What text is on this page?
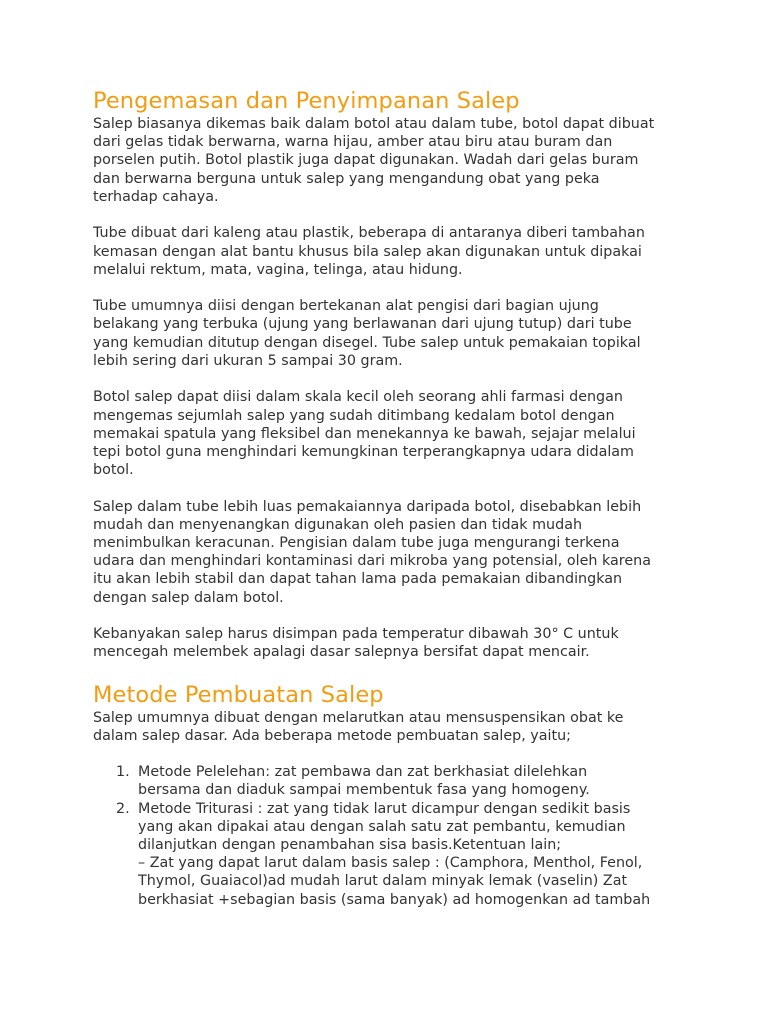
Pengemasan dan Penyimpanan Salep

Salep biasanya dikemas baik dalam botol atau dalam tube, botol dapat dibuat
dari gelas tidak berwarna, warna hijau, amber atau biru atau buram dan
porselen putih. Botol plastik juga dapat digunakan. Wadah dari gelas buram
dan berwarna berguna untuk salep yang mengandung obat yang peka
terhadap cahaya.

Tube dibuat dari kaleng atau plastik, beberapa di antaranya diberi tambahan
kemasan dengan alat bantu khusus bila salep akan digunakan untuk dipakai
melalui rektum, mata, vagina, telinga, atau hidung.

Tube umumnya diisi dengan bertekanan alat pengisi dari bagian ujung
belakang yang terbuka (ujung yang berlawanan dari ujung tutup) dari tube
yang kemudian ditutup dengan disegel. Tube salep untuk pemakaian topikal
lebih sering dari ukuran 5 sampai 30 gram.

Botol salep dapat diisi dalam skala kecil oleh seorang ahli farmasi dengan
mengemas sejumlah salep yang sudah ditimbang kedalam botol dengan
memakai spatula yang fleksibel dan menekannya ke bawah, sejajar melalui
tepi botol guna menghindari kemungkinan terperangkapnya udara didalam
botol.

Salep dalam tube lebih luas pemakaiannya daripada botol, disebabkan lebih
mudah dan menyenangkan digunakan oleh pasien dan tidak mudah
menimbulkan keracunan. Pengisian dalam tube juga mengurangi terkena
udara dan menghindari kontaminasi dari mikroba yang potensial, oleh karena
itu akan lebih stabil dan dapat tahan lama pada pemakaian dibandingkan
dengan salep dalam botol.

Kebanyakan salep harus disimpan pada temperatur dibawah 30° C untuk
mencegah melembek apalagi dasar salepnya bersifat dapat mencair.

Metode Pembuatan Salep

Salep umumnya dibuat dengan melarutkan atau mensuspensikan obat ke
dalam salep dasar. Ada beberapa metode pembuatan salep, yaitu;

1. Metode Pelelehan: zat pembawa dan zat berkhasiat dilelehkan
bersama dan diaduk sampai membentuk fasa yang homogeny.
2. Metode Triturasi : zat yang tidak larut dicampur dengan sedikit basis
yang akan dipakai atau dengan salah satu zat pembantu, kemudian
dilanjutkan dengan penambahan sisa basis.Ketentuan lain;
– Zat yang dapat larut dalam basis salep : (Camphora, Menthol, Fenol,
Thymol, Guaiacol)ad mudah larut dalam minyak lemak (vaselin) Zat
berkhasiat +sebagian basis (sama banyak) ad homogenkan ad tambah
